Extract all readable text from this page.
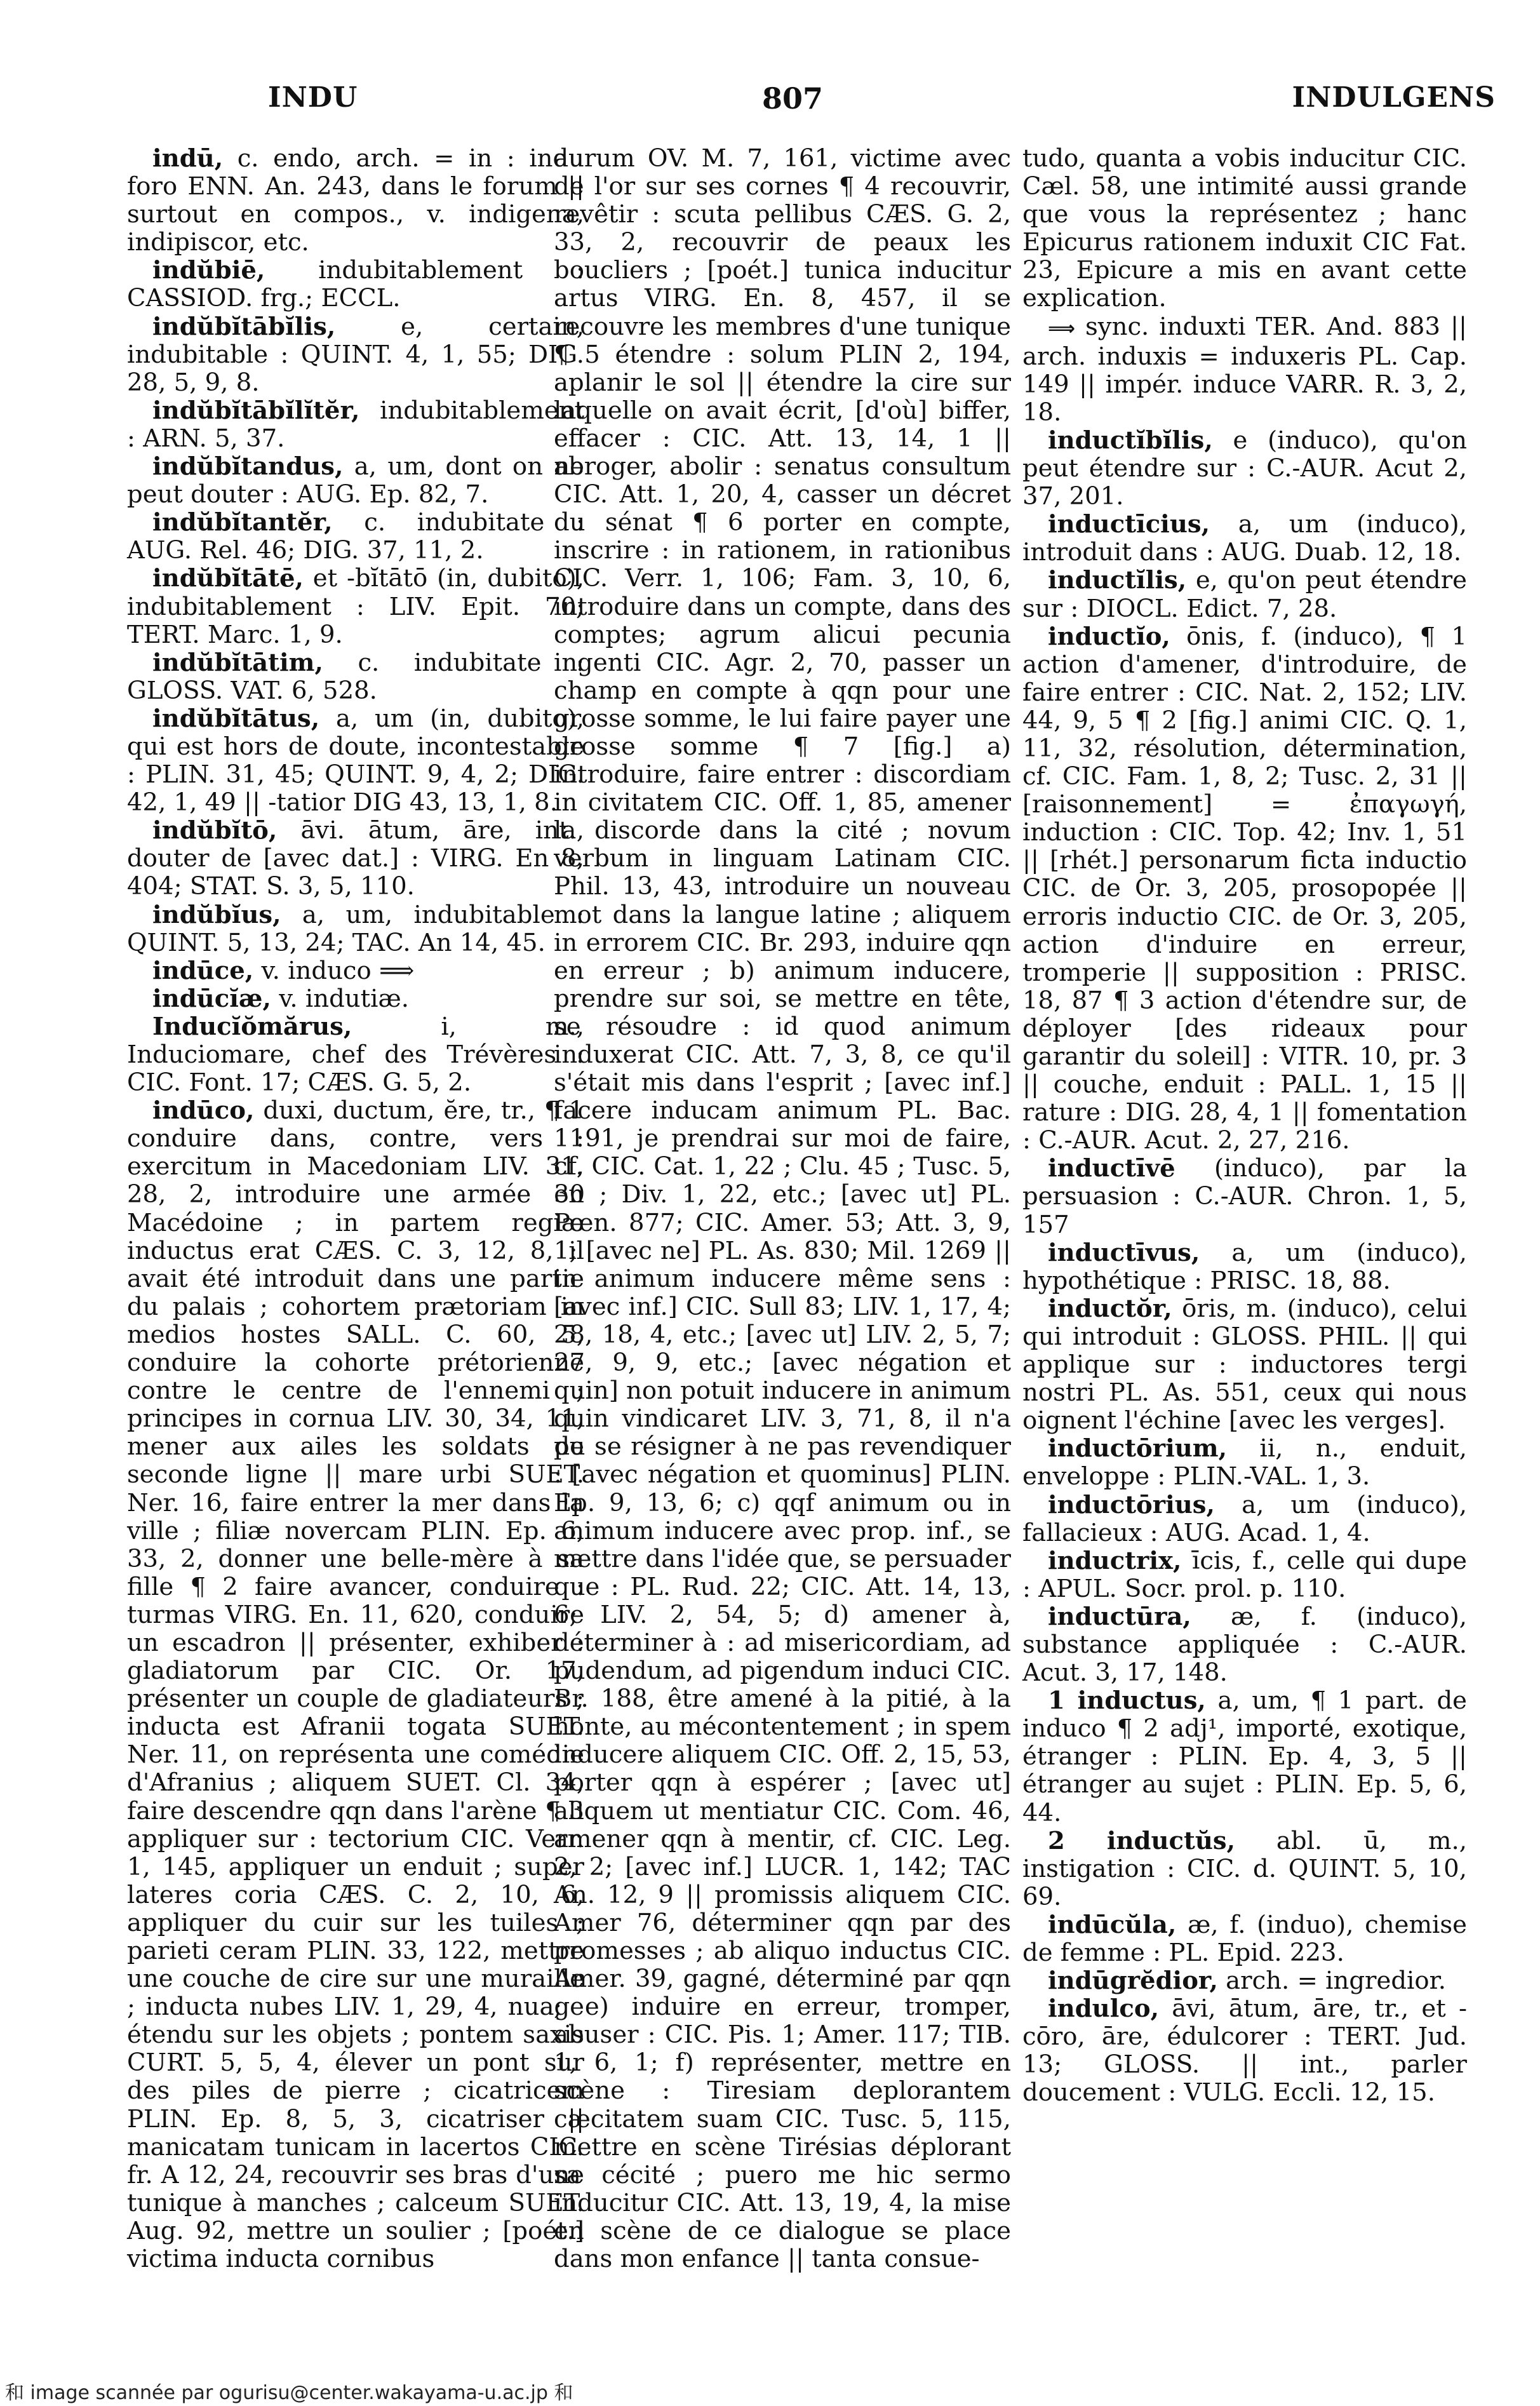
INDU	807	INDULGENS

indū, c. endo, arch. = in : indu foro ENN. An. 243, dans le forum || surtout en compos., v. indigena, indipiscor, etc.

indŭbiē, indubitablement : CASSIOD. frg.; ECCL.

indŭbĭtābĭlis,	e, certain, indubitable : QUINT. 4, 1, 55; DIG. 28, 5, 9, 8.

indŭbĭtābĭlĭtĕr, indubitablement : ARN. 5, 37.

indŭbĭtandus, a, um, dont on ne peut douter : AUG. Ep. 82, 7.

indŭbĭtantĕr, c. indubitate : AUG. Rel. 46; DIG. 37, 11, 2.

indŭbĭtātē, et -bĭtātō (in, dubito), indubitablement : LIV. Epit. 70; TERT. Marc. 1, 9.

indŭbĭtātim, c. indubitate : GLOSS. VAT. 6, 528.

indŭbĭtātus, a, um (in, dubito), qui est hors de doute, incontestable : PLIN. 31, 45; QUINT. 9, 4, 2; DIG. 42, 1, 49 || -tatior DIG 43, 13, 1, 8.

indŭbĭtō, āvi. ātum, āre, int., douter de [avec dat.] : VIRG. En 8, 404; STAT. S. 3, 5, 110.

indŭbĭus, a, um, indubitable : QUINT. 5, 13, 24; TAC. An 14, 45.

indūce, v. induco ⟹

indūcĭæ, v. indutiæ.

Inducĭŏmărus,	i, m., Induciomare, chef des Trévères : CIC. Font. 17; CÆS. G. 5, 2.

indūco, duxi, ductum, ĕre, tr., ¶ 1 conduire dans, contre, vers : exercitum in Macedoniam LIV. 31, 28, 2, introduire une armée en Macédoine ; in partem regiæ inductus erat CÆS. C. 3, 12, 8, il avait été introduit dans une partie du palais ; cohortem prætoriam in medios hostes SALL. C. 60, 5, conduire la cohorte prétorienne contre le centre de l'ennemi ; principes in cornua LIV. 30, 34, 11, mener aux ailes les soldats de seconde ligne || mare urbi SUET. Ner. 16, faire entrer la mer dans la ville ; filiæ novercam PLIN. Ep. 6, 33, 2, donner une belle-mère à sa fille ¶ 2 faire avancer, conduire : turmas VIRG. En. 11, 620, conduire un escadron || présenter, exhiber : gladiatorum par CIC. Or. 17, présenter un couple de gladiateurs ; inducta est Afranii togata SUET. Ner. 11, on représenta une comédie d'Afranius ; aliquem SUET. Cl. 34, faire descendre qqn dans l'arène ¶ 3 appliquer sur : tectorium CIC. Verr. 1, 145, appliquer un enduit ; super lateres coria CÆS. C. 2, 10, 6, appliquer du cuir sur les tuiles ; parieti ceram PLIN. 33, 122, mettre une couche de cire sur une muraille ; inducta nubes LIV. 1, 29, 4, nuage étendu sur les objets ; pontem saxis CURT. 5, 5, 4, élever un pont sur des piles de pierre ; cicatricem PLIN. Ep. 8, 5, 3, cicatriser || manicatam tunicam in lacertos CIC. fr. A 12, 24, recouvrir ses bras d'une tunique à manches ; calceum SUET. Aug. 92, mettre un soulier ; [poét.] victima inducta cornibus

aurum OV. M. 7, 161, victime avec de l'or sur ses cornes ¶ 4 recouvrir, revêtir : scuta pellibus CÆS. G. 2, 33, 2, recouvrir de peaux les boucliers ; [poét.] tunica inducitur artus VIRG. En. 8, 457, il se recouvre les membres d'une tunique ¶ 5 étendre : solum PLIN 2, 194, aplanir le sol || étendre la cire sur laquelle on avait écrit, [d'où] biffer, effacer : CIC. Att. 13, 14, 1 || abroger, abolir : senatus consultum CIC. Att. 1, 20, 4, casser un décret du sénat ¶ 6 porter en compte, inscrire : in rationem, in rationibus CIC. Verr. 1, 106; Fam. 3, 10, 6, introduire dans un compte, dans des comptes; agrum alicui pecunia ingenti CIC. Agr. 2, 70, passer un champ en compte à qqn pour une grosse somme, le lui faire payer une grosse somme ¶ 7 [fig.] a) introduire, faire entrer : discordiam in civitatem CIC. Off. 1, 85, amener la discorde dans la cité ; novum verbum in linguam Latinam CIC. Phil. 13, 43, introduire un nouveau mot dans la langue latine ; aliquem in errorem CIC. Br. 293, induire qqn en erreur ; b) animum inducere, prendre sur soi, se mettre en tête, se résoudre : id quod animum induxerat CIC. Att. 7, 3, 8, ce qu'il s'était mis dans l'esprit ; [avec inf.] facere inducam animum PL. Bac. 1191, je prendrai sur moi de faire, cf. CIC. Cat. 1, 22 ; Clu. 45 ; Tusc. 5, 30 ; Div. 1, 22, etc.; [avec ut] PL. Pœn. 877; CIC. Amer. 53; Att. 3, 9, 1; [avec ne] PL. As. 830; Mil. 1269 || in animum inducere même sens : [avec inf.] CIC. Sull 83; LIV. 1, 17, 4; 28, 18, 4, etc.; [avec ut] LIV. 2, 5, 7; 27, 9, 9, etc.; [avec négation et quin] non potuit inducere in animum quin vindicaret LIV. 3, 71, 8, il n'a pu se résigner à ne pas revendiquer : [avec négation et quominus] PLIN. Ep. 9, 13, 6; c) qqf animum ou in animum inducere avec prop. inf., se mettre dans l'idée que, se persuader que : PL. Rud. 22; CIC. Att. 14, 13, 6; LIV. 2, 54, 5; d) amener à, déterminer à : ad misericordiam, ad pudendum, ad pigendum induci CIC. Br. 188, être amené à la pitié, à la honte, au mécontentement ; in spem inducere aliquem CIC. Off. 2, 15, 53, porter qqn à espérer ; [avec ut] aliquem ut mentiatur CIC. Com. 46, amener qqn à mentir, cf. CIC. Leg. 2, 2; [avec inf.] LUCR. 1, 142; TAC An. 12, 9 || promissis aliquem CIC. Amer 76, déterminer qqn par des promesses ; ab aliquo inductus CIC. Amer. 39, gagné, déterminé par qqn ; e) induire en erreur, tromper, abuser : CIC. Pis. 1; Amer. 117; TIB. 1, 6, 1; f) représenter, mettre en scène : Tiresiam deplorantem cæcitatem suam CIC. Tusc. 5, 115, mettre en scène Tirésias déplorant sa cécité ; puero me hic sermo inducitur CIC. Att. 13, 19, 4, la mise en scène de ce dialogue se place dans mon enfance || tanta consue-

tudo, quanta a vobis inducitur CIC. Cæl. 58, une intimité aussi grande que vous la représentez ; hanc Epicurus rationem induxit CIC Fat. 23, Epicure a mis en avant cette explication.

⟹ sync. induxti TER. And. 883 || arch. induxis = induxeris PL. Cap. 149 || impér. induce VARR. R. 3, 2, 18.

inductĭbĭlis, e (induco), qu'on peut étendre sur : C.-AUR. Acut 2, 37, 201.

inductīcius, a, um (induco), introduit dans : AUG. Duab. 12, 18.

inductĭlis, e, qu'on peut étendre sur : DIOCL. Edict. 7, 28.

inductĭo, ōnis, f. (induco), ¶ 1 action d'amener, d'introduire, de faire entrer : CIC. Nat. 2, 152; LIV. 44, 9, 5 ¶ 2 [fig.] animi CIC. Q. 1, 11, 32, résolution, détermination, cf. CIC. Fam. 1, 8, 2; Tusc. 2, 31 || [raisonnement] = ἐπαγωγή, induction : CIC. Top. 42; Inv. 1, 51 || [rhét.] personarum ficta inductio CIC. de Or. 3, 205, prosopopée || erroris inductio CIC. de Or. 3, 205, action d'induire en erreur, tromperie || supposition : PRISC. 18, 87 ¶ 3 action d'étendre sur, de déployer [des rideaux pour garantir du soleil] : VITR. 10, pr. 3 || couche, enduit : PALL. 1, 15 || rature : DIG. 28, 4, 1 || fomentation : C.-AUR. Acut. 2, 27, 216.

inductīvē (induco), par la persuasion : C.-AUR. Chron. 1, 5, 157

inductīvus, a, um (induco), hypothétique : PRISC. 18, 88.

inductŏr, ōris, m. (induco), celui qui introduit : GLOSS. PHIL. || qui applique sur : inductores tergi nostri PL. As. 551, ceux qui nous oignent l'échine [avec les verges].

inductōrium, ii, n., enduit, enveloppe : PLIN.-VAL. 1, 3.

inductōrius, a, um (induco), fallacieux : AUG. Acad. 1, 4.

inductrix, īcis, f., celle qui dupe : APUL. Socr. prol. p. 110.

inductūra, æ, f. (induco), substance appliquée : C.-AUR. Acut. 3, 17, 148.

1 inductus, a, um, ¶ 1 part. de induco ¶ 2 adj¹, importé, exotique, étranger : PLIN. Ep. 4, 3, 5 || étranger au sujet : PLIN. Ep. 5, 6, 44.

2 inductŭs, abl. ū, m., instigation : CIC. d. QUINT. 5, 10, 69.

indūcŭla, æ, f. (induo), chemise de femme : PL. Epid. 223.

indūgrĕdior, arch. = ingredior.

indulco, āvi, ātum, āre, tr., et -cōro, āre, édulcorer : TERT. Jud. 13; GLOSS. || int., parler doucement : VULG. Eccli. 12, 15.

和 image scannée par ogurisu@center.wakayama-u.ac.jp 和
